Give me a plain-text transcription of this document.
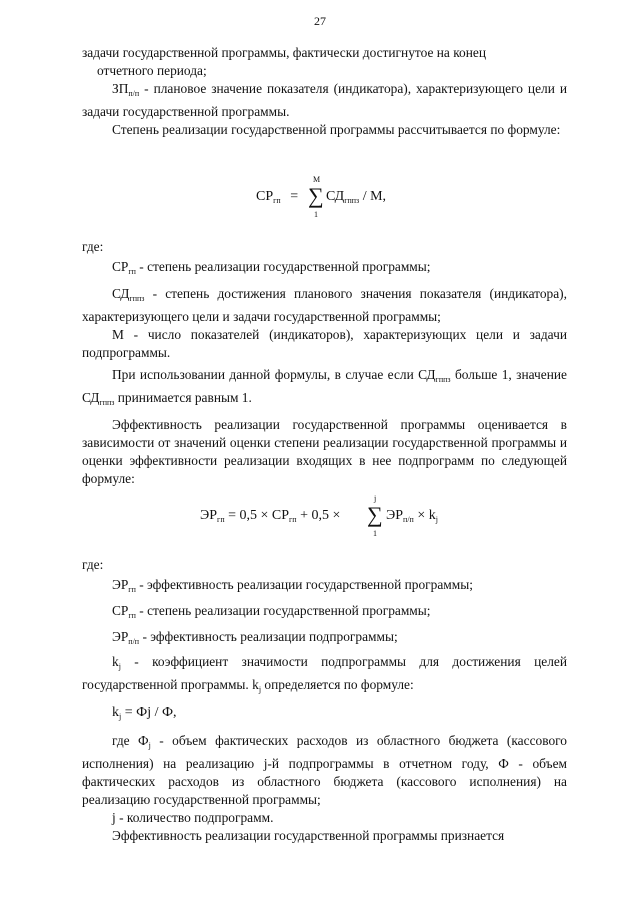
27

задачи государственной программы, фактически достигнутое на конец

отчетного периода;

$ЗП_{п/п}$ - плановое значение показателя (индикатора), характеризующего цели и задачи государственной программы.

Степень реализации государственной программы рассчитывается по формуле:

$СР_{гп}$ =
М
∑
1
$СД_{гппз}$ / М,

где:

$СР_{гп}$ - степень реализации государственной программы;

$СД_{гппз}$ - степень достижения планового значения показателя (индикатора), характеризующего цели и задачи государственной программы;

М - число показателей (индикаторов), характеризующих цели и задачи подпрограммы.

При использовании данной формулы, в случае если $СД_{гппз}$ больше 1, значение $СД_{гппз}$ принимается равным 1.

Эффективность реализации государственной программы оценивается в зависимости от значений оценки степени реализации государственной программы и оценки эффективности реализации входящих в нее подпрограмм по следующей формуле:

$ЭР_{гп} = 0,5 \times СР_{гп} + 0,5$ ×
j
∑
1
$ЭР_{п/п} \times k_j$

где:

$ЭР_{гп}$ - эффективность реализации государственной программы;

$СР_{гп}$ - степень реализации государственной программы;

$ЭР_{п/п}$ - эффективность реализации подпрограммы;

$k_j$ - коэффициент значимости подпрограммы для достижения целей государственной программы. $k_j$ определяется по формуле:

$k_j$ = Фj / Ф,

где $Ф_j$ - объем фактических расходов из областного бюджета (кассового исполнения) на реализацию j-й подпрограммы в отчетном году, Ф - объем фактических расходов из областного бюджета (кассового исполнения) на реализацию государственной программы;

j - количество подпрограмм.

Эффективность реализации государственной программы признается
